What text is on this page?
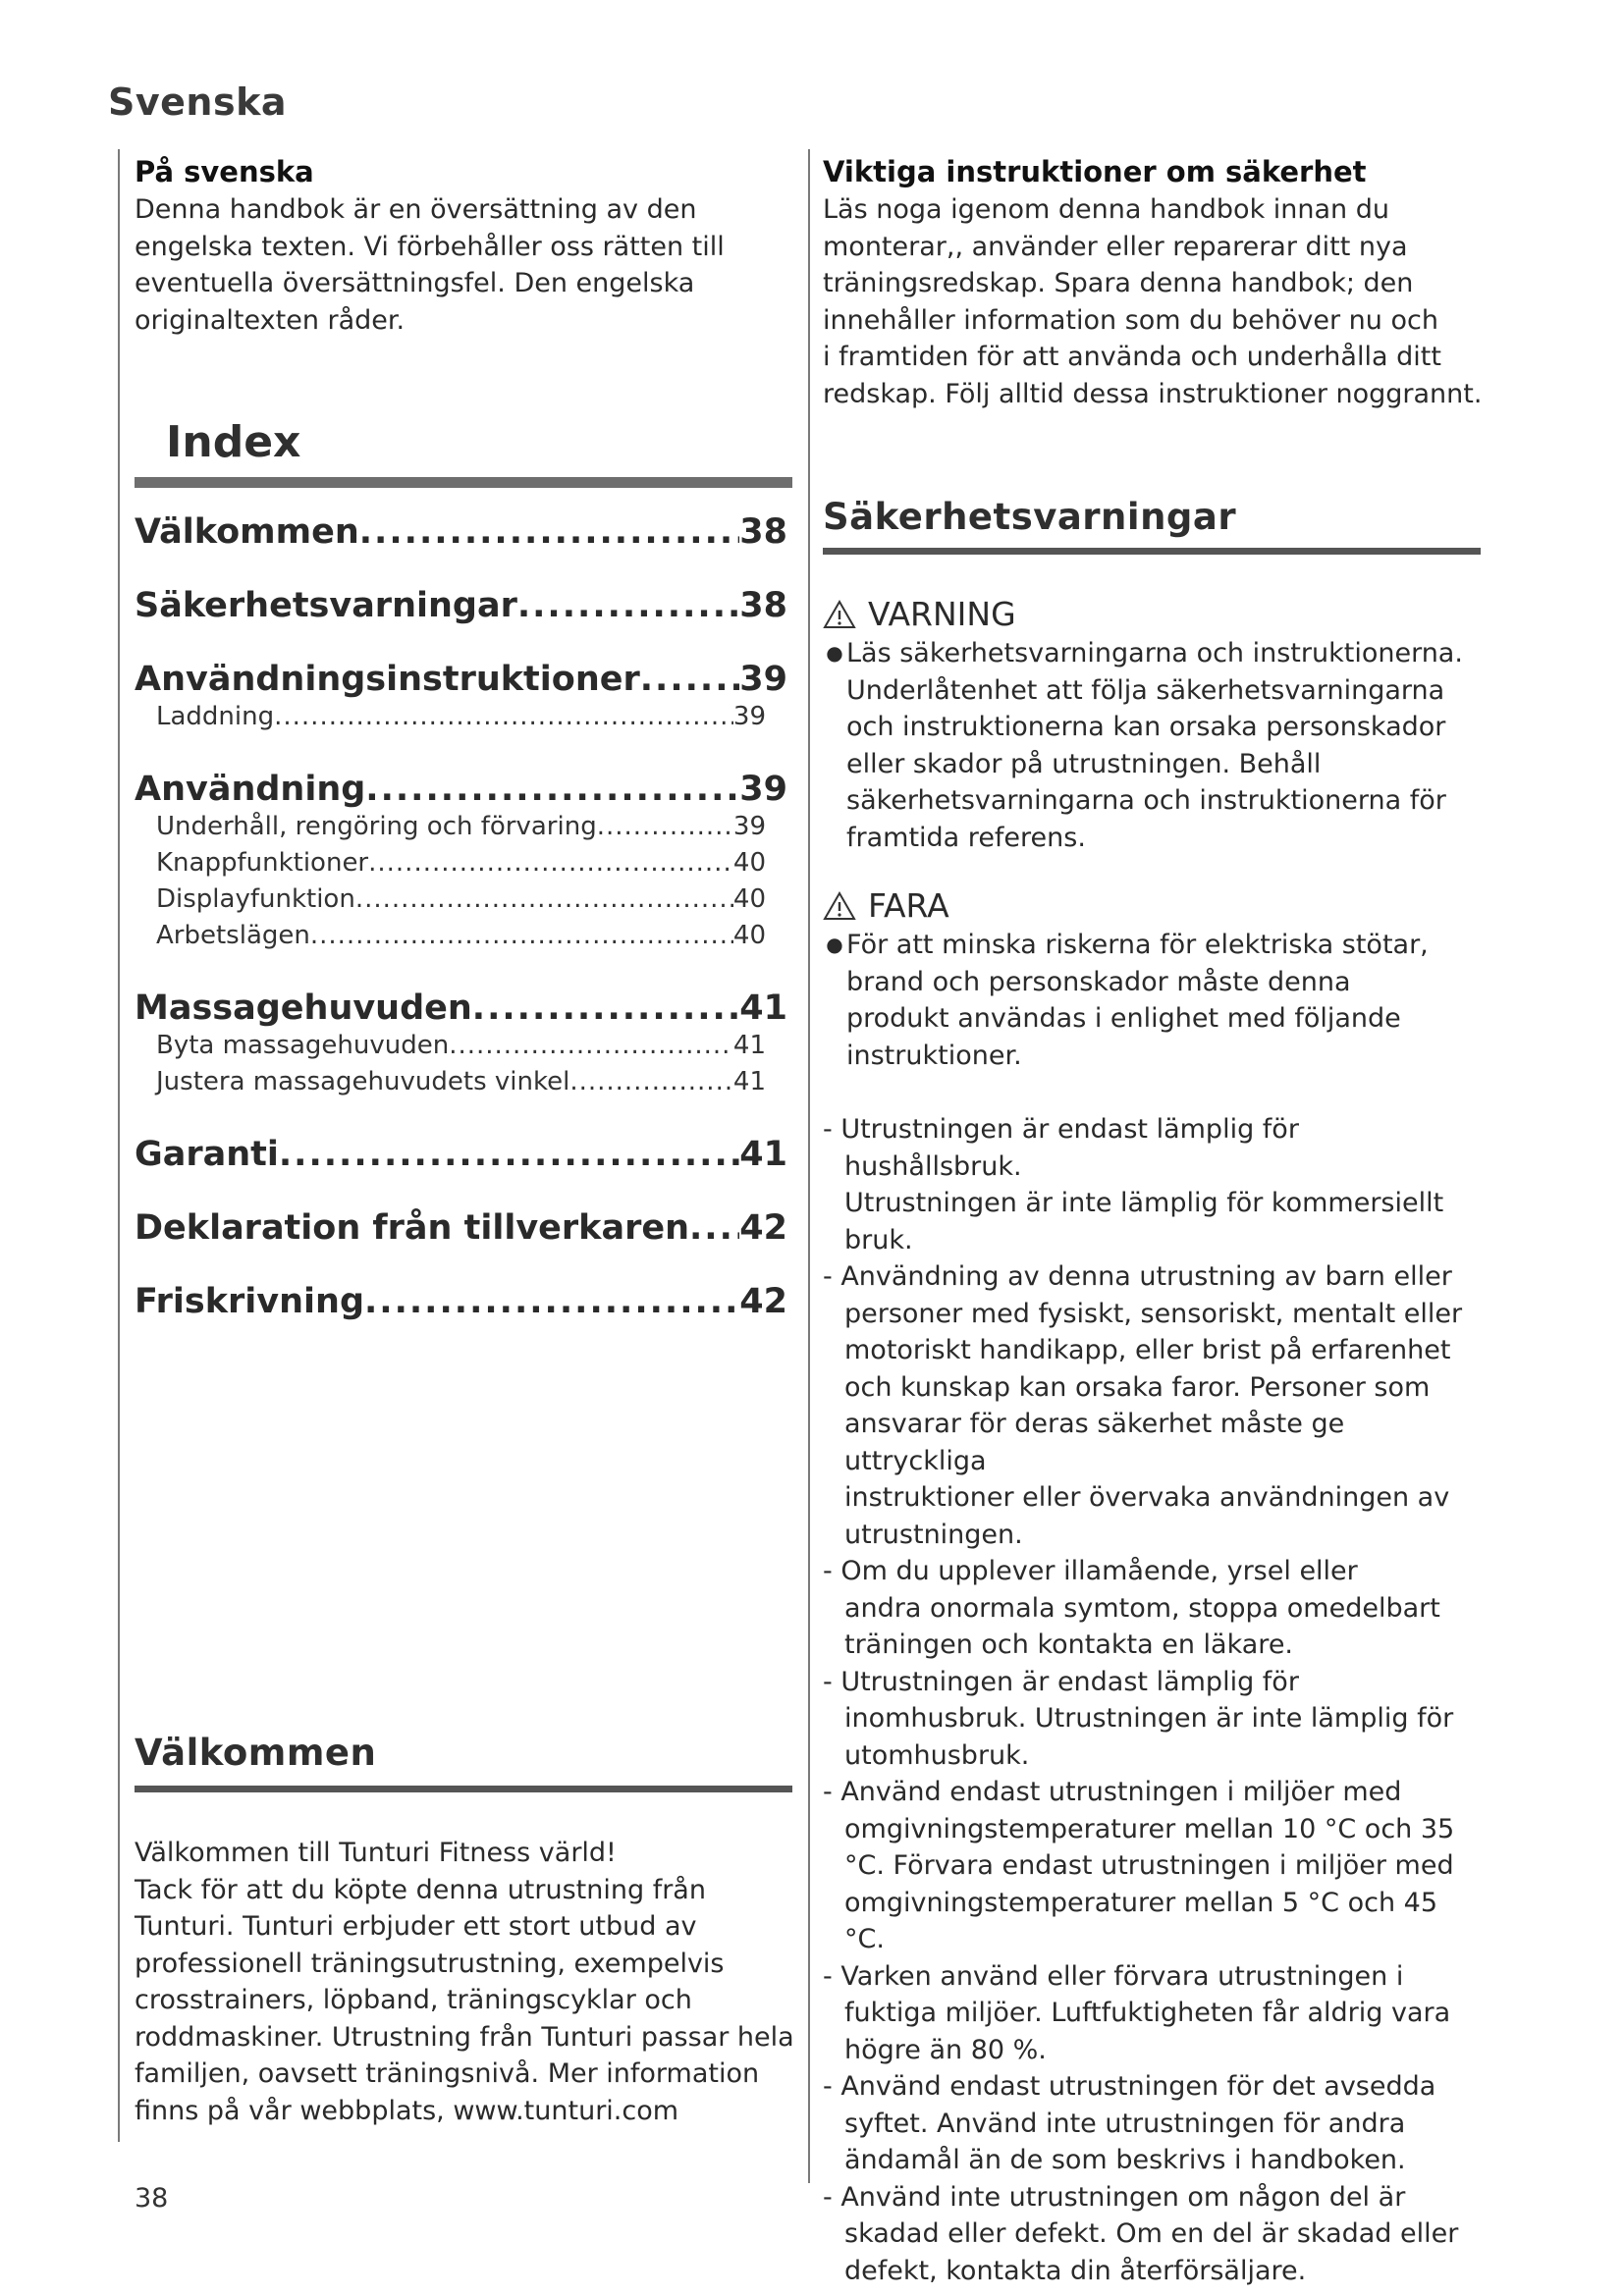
Svenska

På svenska

Denna handbok är en översättning av den
engelska texten. Vi förbehåller oss rätten till
eventuella översättningsfel. Den engelska
originaltexten råder.

Index
Välkommen .....	38
Säkerhetsvarningar .....	38
Användningsinstruktioner .....	39
Laddning .....	39
Användning .....	39
Underhåll, rengöring och förvaring .....	39
Knappfunktioner .....	40
Displayfunktion .....	40
Arbetslägen .....	40
Massagehuvuden .....	41
Byta massagehuvuden .....	41
Justera massagehuvudets vinkel .....	41
Garanti .....	41
Deklaration från tillverkaren ..... 42
Friskrivning .....	42
Välkommen

Välkommen till Tunturi Fitness värld!
Tack för att du köpte denna utrustning från
Tunturi. Tunturi erbjuder ett stort utbud av
professionell träningsutrustning, exempelvis
crosstrainers, löpband, träningscyklar och
roddmaskiner. Utrustning från Tunturi passar hela
familjen, oavsett träningsnivå. Mer information
finns på vår webbplats, www.tunturi.com

Viktiga instruktioner om säkerhet

Läs noga igenom denna handbok innan du
monterar,, använder eller reparerar ditt nya
träningsredskap. Spara denna handbok; den
innehåller information som du behöver nu och
i framtiden för att använda och underhålla ditt
redskap. Följ alltid dessa instruktioner noggrannt.

Säkerhetsvarningar
VARNING
● Läs säkerhetsvarningarna och instruktionerna.
Underlåtenhet att följa säkerhetsvarningarna
och instruktionerna kan orsaka personskador
eller skador på utrustningen. Behåll
säkerhetsvarningarna och instruktionerna för
framtida referens.
FARA
● För att minska riskerna för elektriska stötar,
brand och personskador måste denna
produkt användas i enlighet med följande
instruktioner.
- Utrustningen är endast lämplig för hushållsbruk.
Utrustningen är inte lämplig för kommersiellt
bruk.
- Användning av denna utrustning av barn eller
personer med fysiskt, sensoriskt, mentalt eller
motoriskt handikapp, eller brist på erfarenhet
och kunskap kan orsaka faror. Personer som
ansvarar för deras säkerhet måste ge uttryckliga
instruktioner eller övervaka användningen av
utrustningen.
- Om du upplever illamående, yrsel eller
andra onormala symtom, stoppa omedelbart
träningen och kontakta en läkare.
- Utrustningen är endast lämplig för
inomhusbruk. Utrustningen är inte lämplig för
utomhusbruk.
- Använd endast utrustningen i miljöer med
omgivningstemperaturer mellan 10 °C och 35
°C. Förvara endast utrustningen i miljöer med
omgivningstemperaturer mellan 5 °C och 45 °C.
- Varken använd eller förvara utrustningen i
fuktiga miljöer. Luftfuktigheten får aldrig vara
högre än 80 %.
- Använd endast utrustningen för det avsedda
syftet. Använd inte utrustningen för andra
ändamål än de som beskrivs i handboken.
- Använd inte utrustningen om någon del är
skadad eller defekt. Om en del är skadad eller
defekt, kontakta din återförsäljare.
38
